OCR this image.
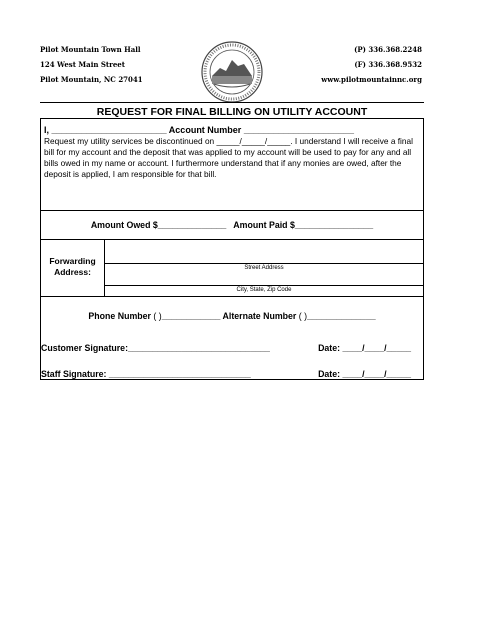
Pilot Mountain Town Hall
124 West Main Street
Pilot Mountain, NC 27041
(P) 336.368.2248
(F) 336.368.9532
www.pilotmountainnc.org
REQUEST FOR FINAL BILLING ON UTILITY ACCOUNT
I, _______________________ Account Number ______________________
Request my utility services be discontinued on _____/_____/_____. I understand I will receive a final bill for my account and the deposit that was applied to my account will be used to pay for any and all bills owed in my name or account. I furthermore understand that if any monies are owed, after the deposit is applied, I am responsible for that bill.
Amount Owed $______________ Amount Paid $________________
Forwarding
Address:	Street Address
City, State, Zip Code
Phone Number ( )____________ Alternate Number ( )______________
Customer Signature:_____________________________	Date: ____/____/_____
Staff Signature: _____________________________	Date: ____/____/_____
